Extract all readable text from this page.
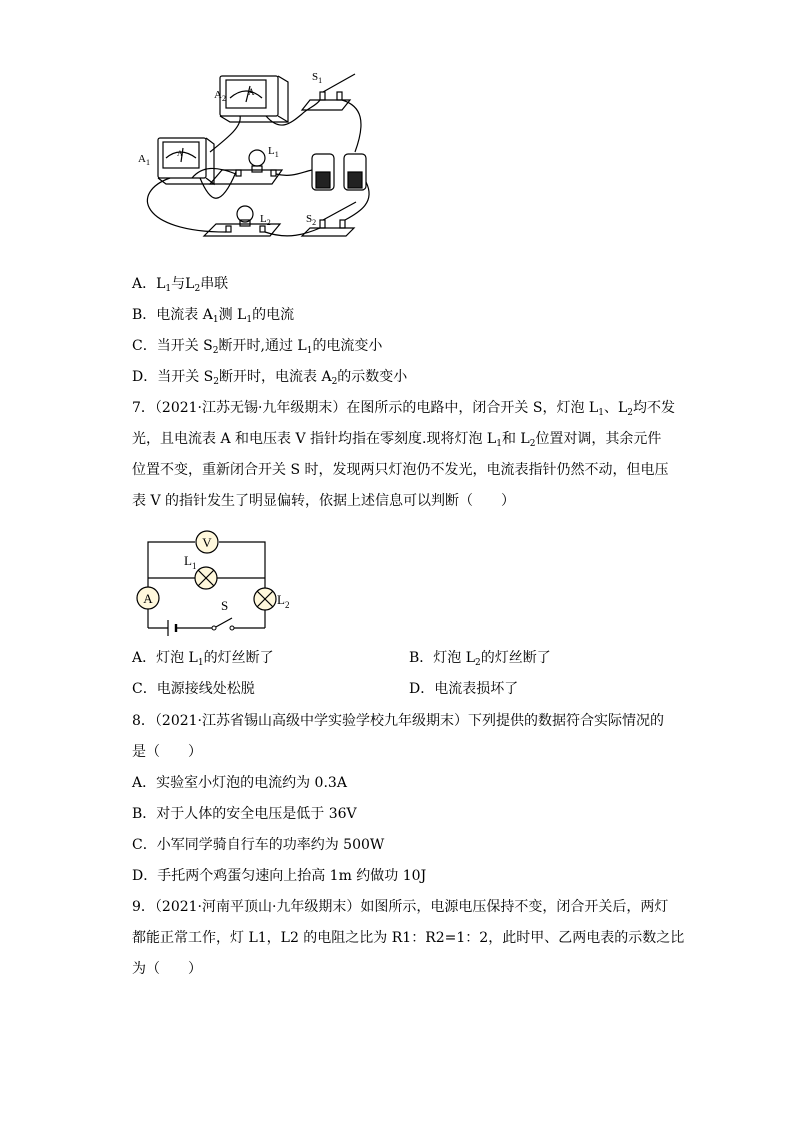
$A_2$
$S_1$
$A_1$
$L_1$
$L_2$	$S_2$
A
A
A．$L_1$与$L_2$串联
B．电流表 $A_1$测 $L_1$的电流
C．当开关 $S_2$断开时,通过 $L_1$的电流变小
D．当开关 $S_2$断开时，电流表 $A_2$的示数变小
7．（2021·江苏无锡·九年级期末）在图所示的电路中，闭合开关 S，灯泡 $L_1$、$L_2$均不发
光，且电流表 A 和电压表 V 指针均指在零刻度.现将灯泡 $L_1$和 $L_2$位置对调，其余元件
位置不变，重新闭合开关 S 时，发现两只灯泡仍不发光，电流表指针仍然不动，但电压
表 V 的指针发生了明显偏转，依据上述信息可以判断（　　）
V
A
$L_1$
S	$L_2$
A．灯泡 $L_1$的灯丝断了	B．灯泡 $L_2$的灯丝断了
C．电源接线处松脱	D．电流表损坏了
8．（2021·江苏省锡山高级中学实验学校九年级期末）下列提供的数据符合实际情况的
是（　　）
A．实验室小灯泡的电流约为 0.3A
B．对于人体的安全电压是低于 36V
C．小军同学骑自行车的功率约为 500W
D．手托两个鸡蛋匀速向上抬高 1m 约做功 10J
9．（2021·河南平顶山·九年级期末）如图所示，电源电压保持不变，闭合开关后，两灯
都能正常工作，灯 L1，L2 的电阻之比为 R1：R2=1：2，此时甲、乙两电表的示数之比
为（　　）
